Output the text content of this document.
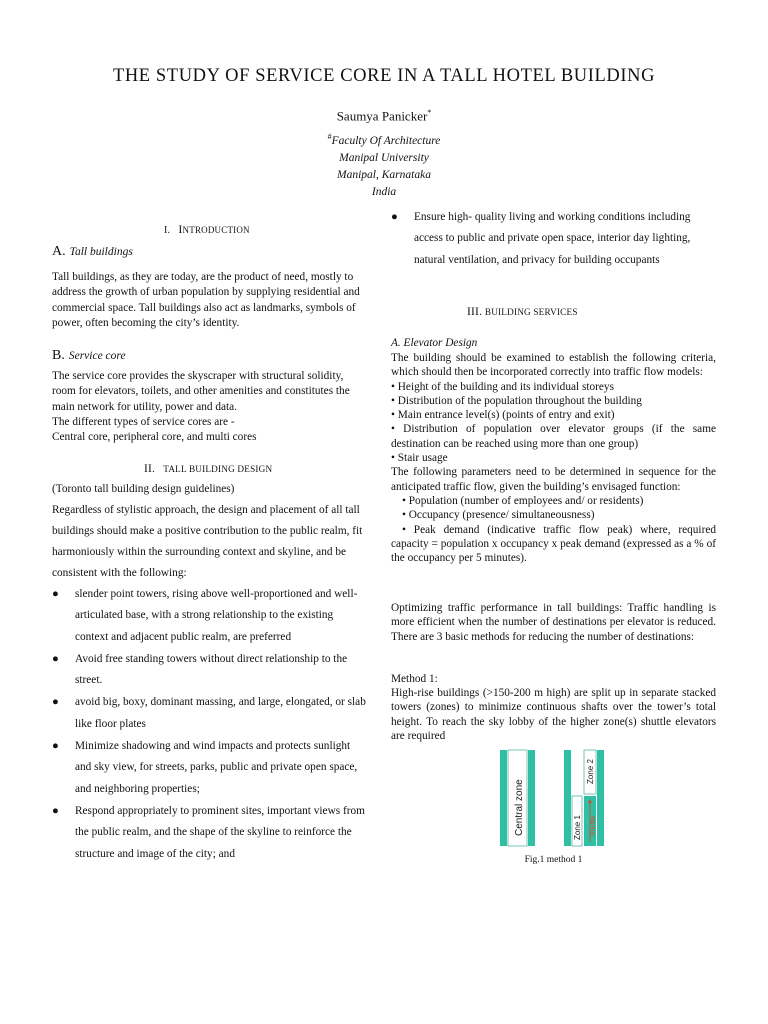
THE STUDY OF SERVICE CORE IN A TALL HOTEL BUILDING
Saumya Panicker*
#Faculty Of Architecture
Manipal University
Manipal, Karnataka
India
I. INTRODUCTION
A. Tall buildings
Tall buildings, as they are today, are the product of need, mostly to address the growth of urban population by supplying residential and commercial space. Tall buildings also act as landmarks, symbols of power, often becoming the city’s identity.
B. Service core
The service core provides the skyscraper with structural solidity, room for elevators, toilets, and other amenities and constitutes the main network for utility, power and data.
The different types of service cores are -
Central core, peripheral core, and multi cores
II. TALL BUILDING DESIGN
(Toronto tall building design guidelines)
Regardless of stylistic approach, the design and placement of all tall buildings should make a positive contribution to the public realm, fit harmoniously within the surrounding context and skyline, and be consistent with the following:
● slender point towers, rising above well-proportioned and well-articulated base, with a strong relationship to the existing context and adjacent public realm, are preferred
● Avoid free standing towers without direct relationship to the street.
● avoid big, boxy, dominant massing, and large, elongated, or slab like floor plates
● Minimize shadowing and wind impacts and protects sunlight and sky view, for streets, parks, public and private open space, and neighboring properties;
● Respond appropriately to prominent sites, important views from the public realm, and the shape of the skyline to reinforce the structure and image of the city; and
● Ensure high- quality living and working conditions including access to public and private open space, interior day lighting, natural ventilation, and privacy for building occupants
III. BUILDING SERVICES
A. Elevator Design
The building should be examined to establish the following criteria, which should then be incorporated correctly into traffic flow models:
• Height of the building and its individual storeys
• Distribution of the population throughout the building
• Main entrance level(s) (points of entry and exit)
• Distribution of population over elevator groups (if the same destination can be reached using more than one group)
• Stair usage
The following parameters need to be determined in sequence for the anticipated traffic flow, given the building’s envisaged function:
• Population (number of employees and/ or residents)
• Occupancy (presence/ simultaneousness)
• Peak demand (indicative traffic flow peak) where, required capacity = population x occupancy x peak demand (expressed as a % of the occupancy per 5 minutes).
Optimizing traffic performance in tall buildings: Traffic handling is more efficient when the number of destinations per elevator is reduced. There are 3 basic methods for reducing the number of destinations:
Method 1:
High-rise buildings (>150-200 m high) are split up in separate stacked towers (zones) to minimize continuous shafts over the tower’s total height. To reach the sky lobby of the higher zone(s) shuttle elevators are required
Central zone	Zone 1
Zone 2
Shuttle
Fig.1 method 1
